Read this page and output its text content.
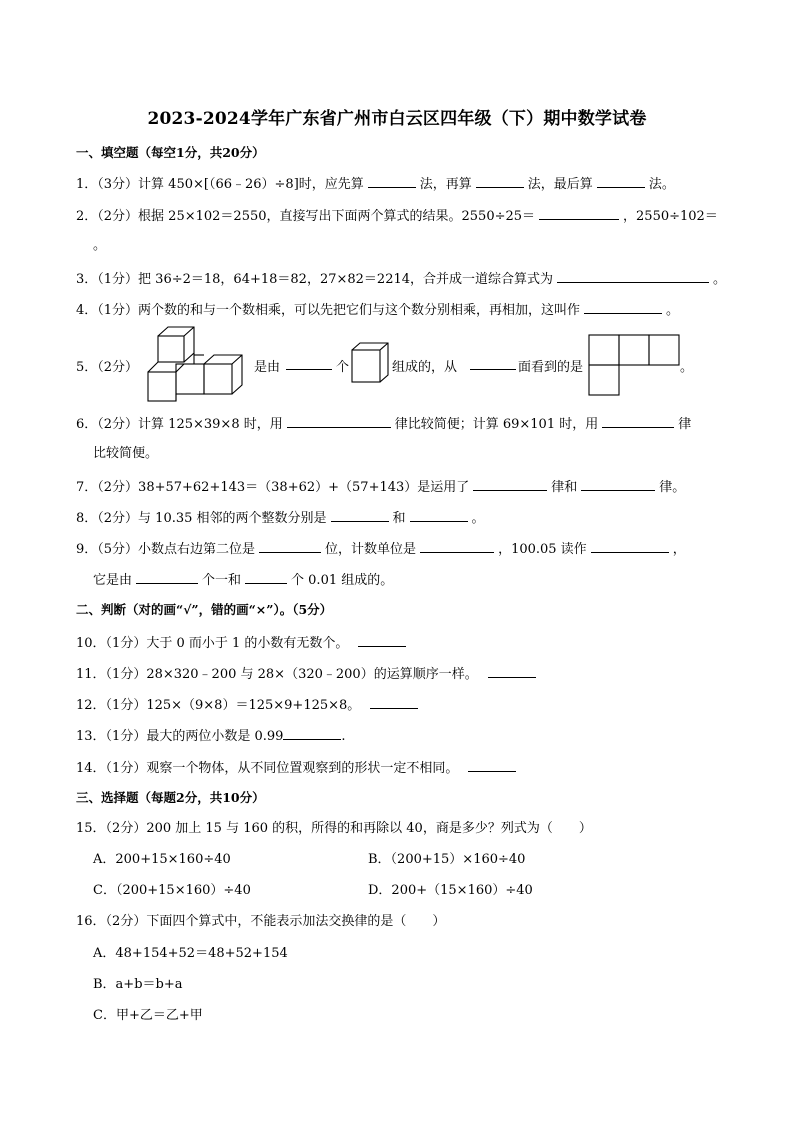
2023-2024学年广东省广州市白云区四年级（下）期中数学试卷
一、填空题（每空1分，共20分）
1．（3分）计算 450×[（66﹣26）÷8]时，应先算	法，再算	法，最后算	法。
2．（2分）根据 25×102＝2550，直接写出下面两个算式的结果。2550÷25＝	，2550÷102＝
。
3．（1分）把 36÷2＝18，64+18＝82，27×82＝2214，合并成一道综合算式为	。
4．（1分）两个数的和与一个数相乘，可以先把它们与这个数分别相乘，再相加，这叫作	。
5．（2分）	是由	个	组成的，从	面看到的是	。
6．（2分）计算 125×39×8 时，用	律比较简便；计算 69×101 时，用	律
比较简便。
7．（2分）38+57+62+143＝（38+62）+（57+143）是运用了	律和	律。
8．（2分）与 10.35 相邻的两个整数分别是	和	。
9．（5分）小数点右边第二位是	位，计数单位是	，100.05 读作	，
它是由	个一和	个 0.01 组成的。
二、判断（对的画“√”，错的画“×”）。（5分）
10．（1分）大于 0 而小于 1 的小数有无数个。
11．（1分）28×320﹣200 与 28×（320﹣200）的运算顺序一样。
12．（1分）125×（9×8）＝125×9+125×8。
13．（1分）最大的两位小数是 0.99	.
14．（1分）观察一个物体，从不同位置观察到的形状一定不相同。
三、选择题（每题2分，共10分）
15．（2分）200 加上 15 与 160 的积，所得的和再除以 40，商是多少？列式为（　　）
A．200+15×160÷40	B．（200+15）×160÷40
C．（200+15×160）÷40	D．200+（15×160）÷40
16．（2分）下面四个算式中，不能表示加法交换律的是（　　）
A．48+154+52＝48+52+154
B．a+b＝b+a
C．甲+乙＝乙+甲
